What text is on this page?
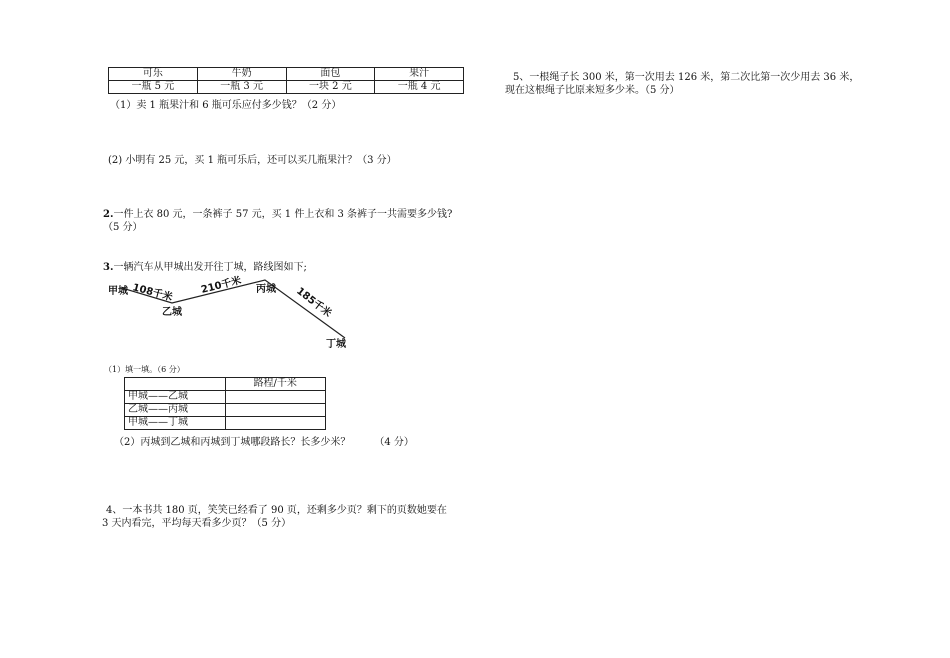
可乐	牛奶	面包	果汁
一瓶 5 元	一瓶 3 元	一块 2 元	一瓶 4 元
（1）卖 1 瓶果汁和 6 瓶可乐应付多少钱？（2 分）
(2) 小明有 25 元，买 1 瓶可乐后，还可以买几瓶果汁？（3 分）
2.一件上衣 80 元，一条裤子 57 元，买 1 件上衣和 3 条裤子一共需要多少钱?
（5 分）
3.一辆汽车从甲城出发开往丁城，路线图如下;
甲城
乙城
丙城
丁城
108千米	210千米
185千米
（1）填一填。（6 分）
	路程/千米
甲城——乙城	
乙城——丙城	
甲城——丁城	
（2）丙城到乙城和丙城到丁城哪段路长？长多少米？ （4 分）
4、一本书共 180 页，笑笑已经看了 90 页，还剩多少页？剩下的页数她要在
3 天内看完，平均每天看多少页？（5 分）
5、一根绳子长 300 米，第一次用去 126 米，第二次比第一次少用去 36 米，
现在这根绳子比原来短多少米。（5 分）
